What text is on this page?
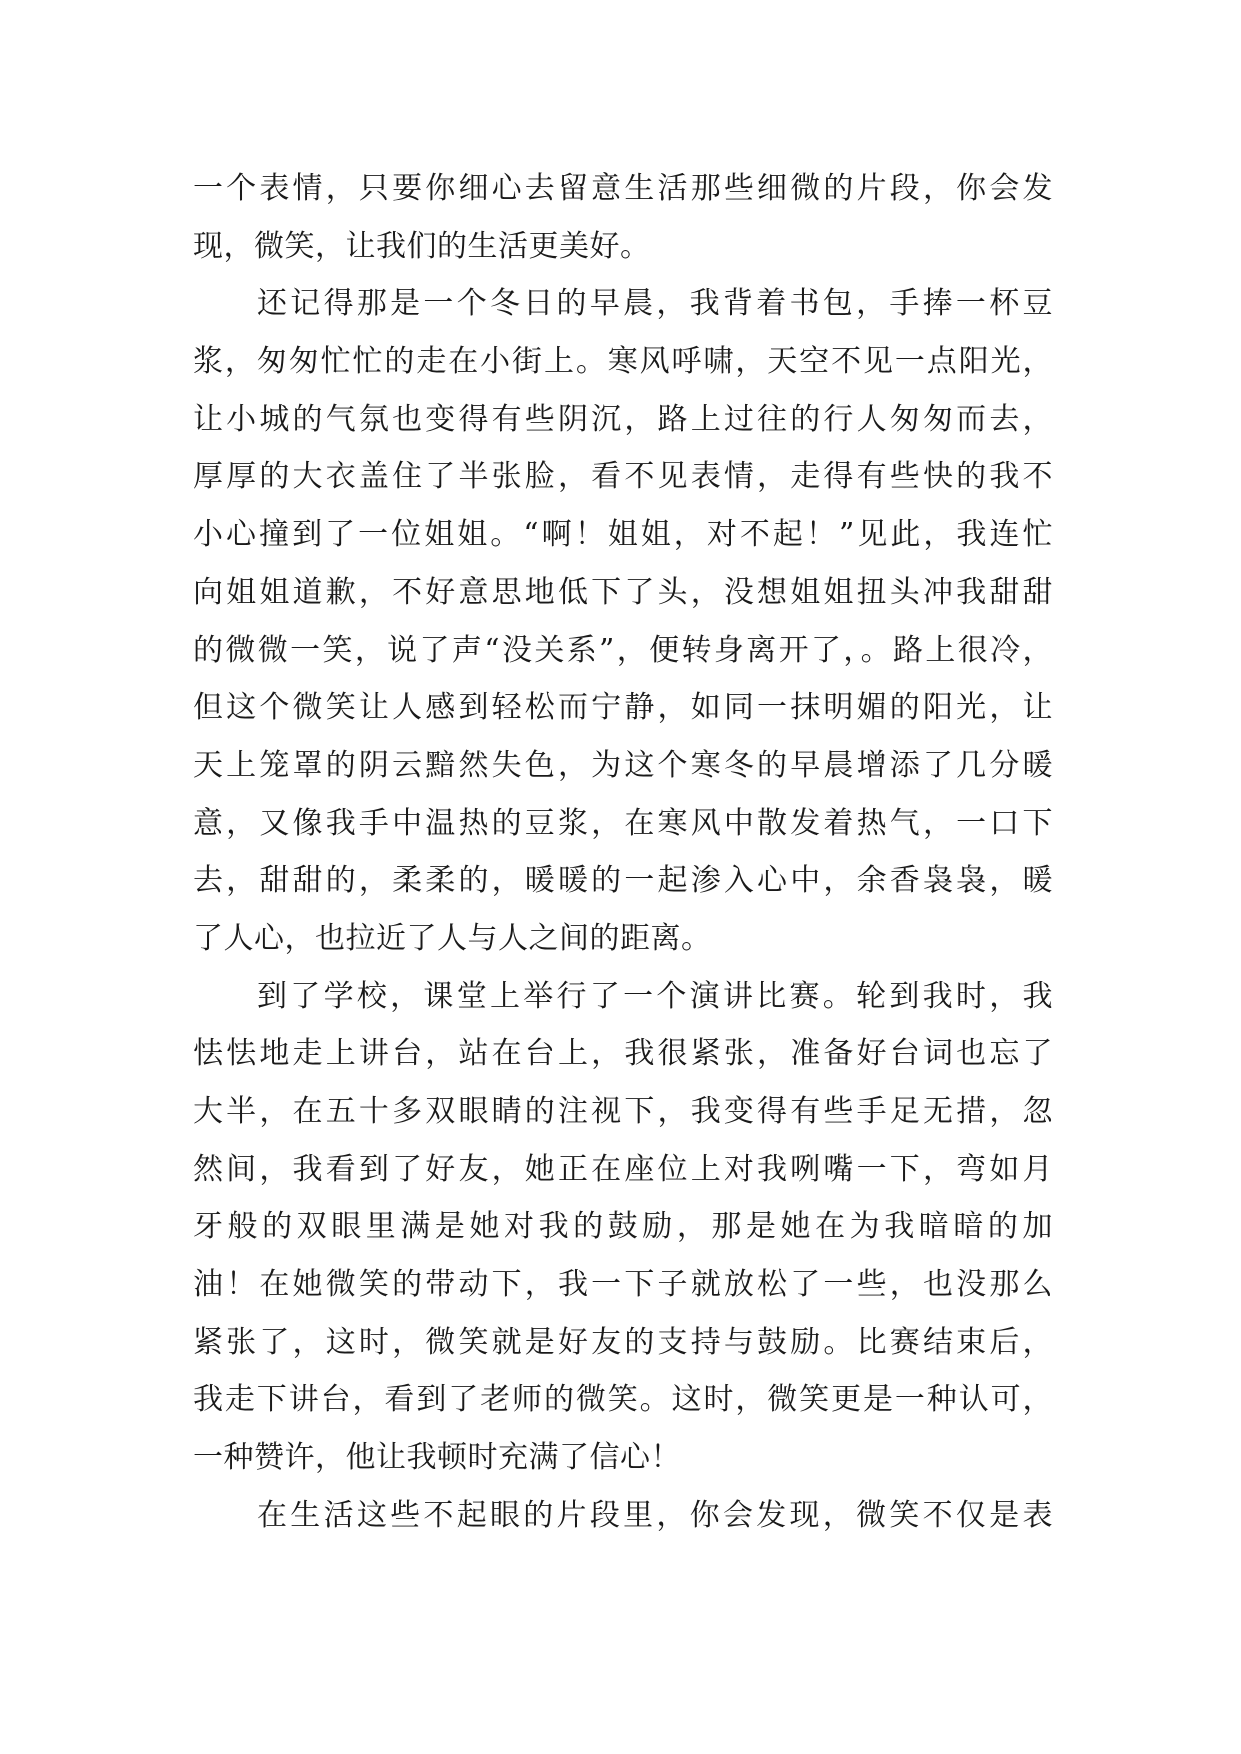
一个表情，只要你细心去留意生活那些细微的片段，你会发
现，微笑，让我们的生活更美好。
还记得那是一个冬日的早晨，我背着书包，手捧一杯豆
浆，匆匆忙忙的走在小街上。寒风呼啸，天空不见一点阳光，
让小城的气氛也变得有些阴沉，路上过往的行人匆匆而去，
厚厚的大衣盖住了半张脸，看不见表情，走得有些快的我不
小心撞到了一位姐姐。“啊！姐姐，对不起！”见此，我连忙
向姐姐道歉，不好意思地低下了头，没想姐姐扭头冲我甜甜
的微微一笑，说了声“没关系”，便转身离开了，。路上很冷，
但这个微笑让人感到轻松而宁静，如同一抹明媚的阳光，让
天上笼罩的阴云黯然失色，为这个寒冬的早晨增添了几分暖
意，又像我手中温热的豆浆，在寒风中散发着热气，一口下
去，甜甜的，柔柔的，暖暖的一起渗入心中，余香袅袅，暖
了人心，也拉近了人与人之间的距离。
到了学校，课堂上举行了一个演讲比赛。轮到我时，我
怯怯地走上讲台，站在台上，我很紧张，准备好台词也忘了
大半，在五十多双眼睛的注视下，我变得有些手足无措，忽
然间，我看到了好友，她正在座位上对我咧嘴一下，弯如月
牙般的双眼里满是她对我的鼓励，那是她在为我暗暗的加
油！在她微笑的带动下，我一下子就放松了一些，也没那么
紧张了，这时，微笑就是好友的支持与鼓励。比赛结束后，
我走下讲台，看到了老师的微笑。这时，微笑更是一种认可，
一种赞许，他让我顿时充满了信心！
在生活这些不起眼的片段里，你会发现，微笑不仅是表
